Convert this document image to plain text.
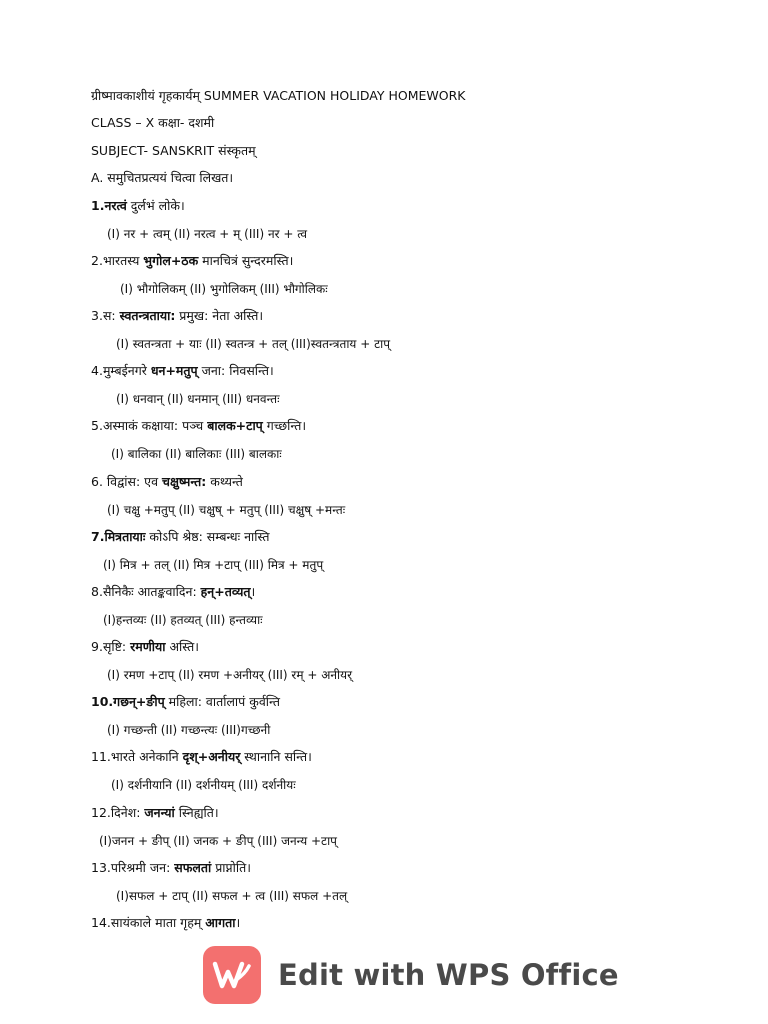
ग्रीष्मावकाशीयं गृहकार्यम् SUMMER VACATION HOLIDAY HOMEWORK
CLASS – X कक्षा- दशमी
SUBJECT- SANSKRIT संस्कृतम्
A. समुचितप्रत्ययं चित्वा लिखत।
1.नरत्वं दुर्लभं लोके।
(I) नर + त्वम् (II) नरत्व + म् (III) नर + त्व
2.भारतस्य भुगोल+ठक मानचित्रं सुन्दरमस्ति।
(I) भौगोलिकम् (II) भुगोलिकम् (III) भौगोलिकः
3.स: स्वतन्त्रताया: प्रमुख: नेता अस्ति।
(I) स्वतन्त्रता + याः (II) स्वतन्त्र + तल् (III)स्वतन्त्रताय + टाप्
4.मुम्बईनगरे धन+मतुप् जना: निवसन्ति।
(I) धनवान् (II) धनमान् (III) धनवन्तः
5.अस्माकं कक्षाया: पञ्च बालक+टाप् गच्छन्ति।
(I) बालिका (II) बालिकाः (III) बालकाः
6. विद्वांस: एव चक्षुष्मन्त: कथ्यन्ते
(I) चक्षु +मतुप् (II) चक्षुष् + मतुप् (III) चक्षुष् +मन्तः
7.मित्रतायाः कोऽपि श्रेष्ठ: सम्बन्धः नास्ति
(I) मित्र + तल् (II) मित्र +टाप् (III) मित्र + मतुप्
8.सैनिकैः आतङ्कवादिन: हन्+तव्यत्।
(I)हन्तव्यः (II) हतव्यत् (III) हन्तव्याः
9.सृष्टि: रमणीया अस्ति।
(I) रमण +टाप् (II) रमण +अनीयर् (III) रम् + अनीयर्
10.गछन्+ङीप् महिला: वार्तालापं कुर्वन्ति
(I) गच्छन्ती (II) गच्छन्त्यः (III)गच्छनी
11.भारते अनेकानि दृश्+अनीयर् स्थानानि सन्ति।
(I) दर्शनीयानि (II) दर्शनीयम् (III) दर्शनीयः
12.दिनेश: जनन्यां स्निह्यति।
(I)जनन + ङीप् (II) जनक + ङीप् (III) जनन्य +टाप्
13.परिश्रमी जन: सफलतां प्राप्नोति।
(I)सफल + टाप् (II) सफल + त्व (III) सफल +तल्
14.सायंकाले माता गृहम् आगता।
Edit with WPS Office
